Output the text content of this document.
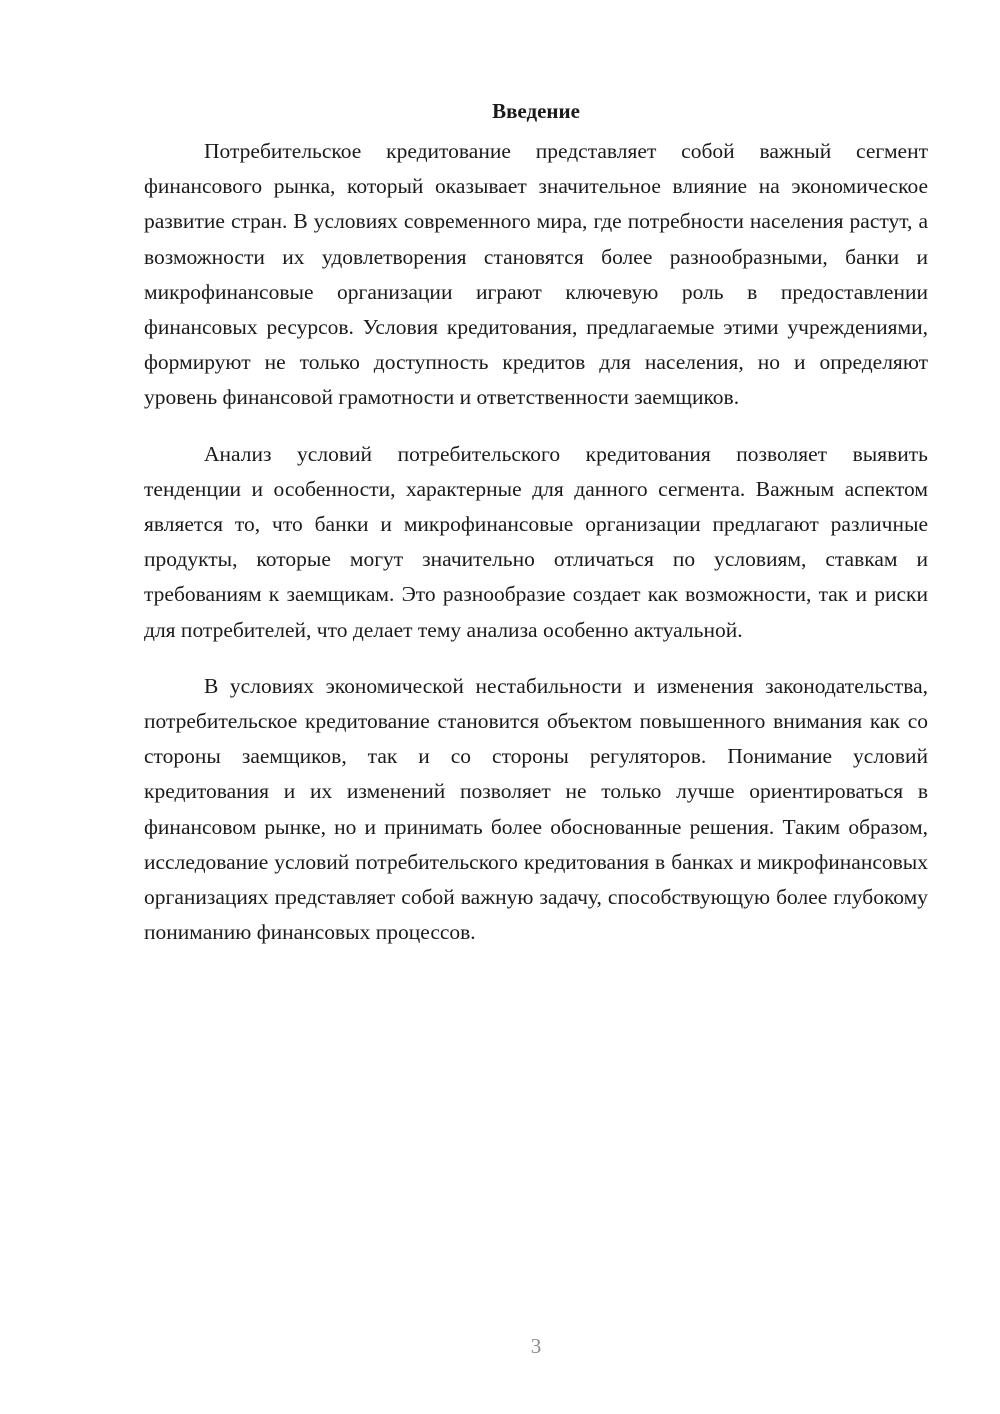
Введение

Потребительское кредитование представляет собой важный сегмент финансового рынка, который оказывает значительное влияние на экономическое развитие стран. В условиях современного мира, где потребности населения растут, а возможности их удовлетворения становятся более разнообразными, банки и микрофинансовые организации играют ключевую роль в предоставлении финансовых ресурсов. Условия кредитования, предлагаемые этими учреждениями, формируют не только доступность кредитов для населения, но и определяют уровень финансовой грамотности и ответственности заемщиков.

Анализ условий потребительского кредитования позволяет выявить тенденции и особенности, характерные для данного сегмента. Важным аспектом является то, что банки и микрофинансовые организации предлагают различные продукты, которые могут значительно отличаться по условиям, ставкам и требованиям к заемщикам. Это разнообразие создает как возможности, так и риски для потребителей, что делает тему анализа особенно актуальной.

В условиях экономической нестабильности и изменения законодательства, потребительское кредитование становится объектом повышенного внимания как со стороны заемщиков, так и со стороны регуляторов. Понимание условий кредитования и их изменений позволяет не только лучше ориентироваться в финансовом рынке, но и принимать более обоснованные решения. Таким образом, исследование условий потребительского кредитования в банках и микрофинансовых организациях представляет собой важную задачу, способствующую более глубокому пониманию финансовых процессов.

3
